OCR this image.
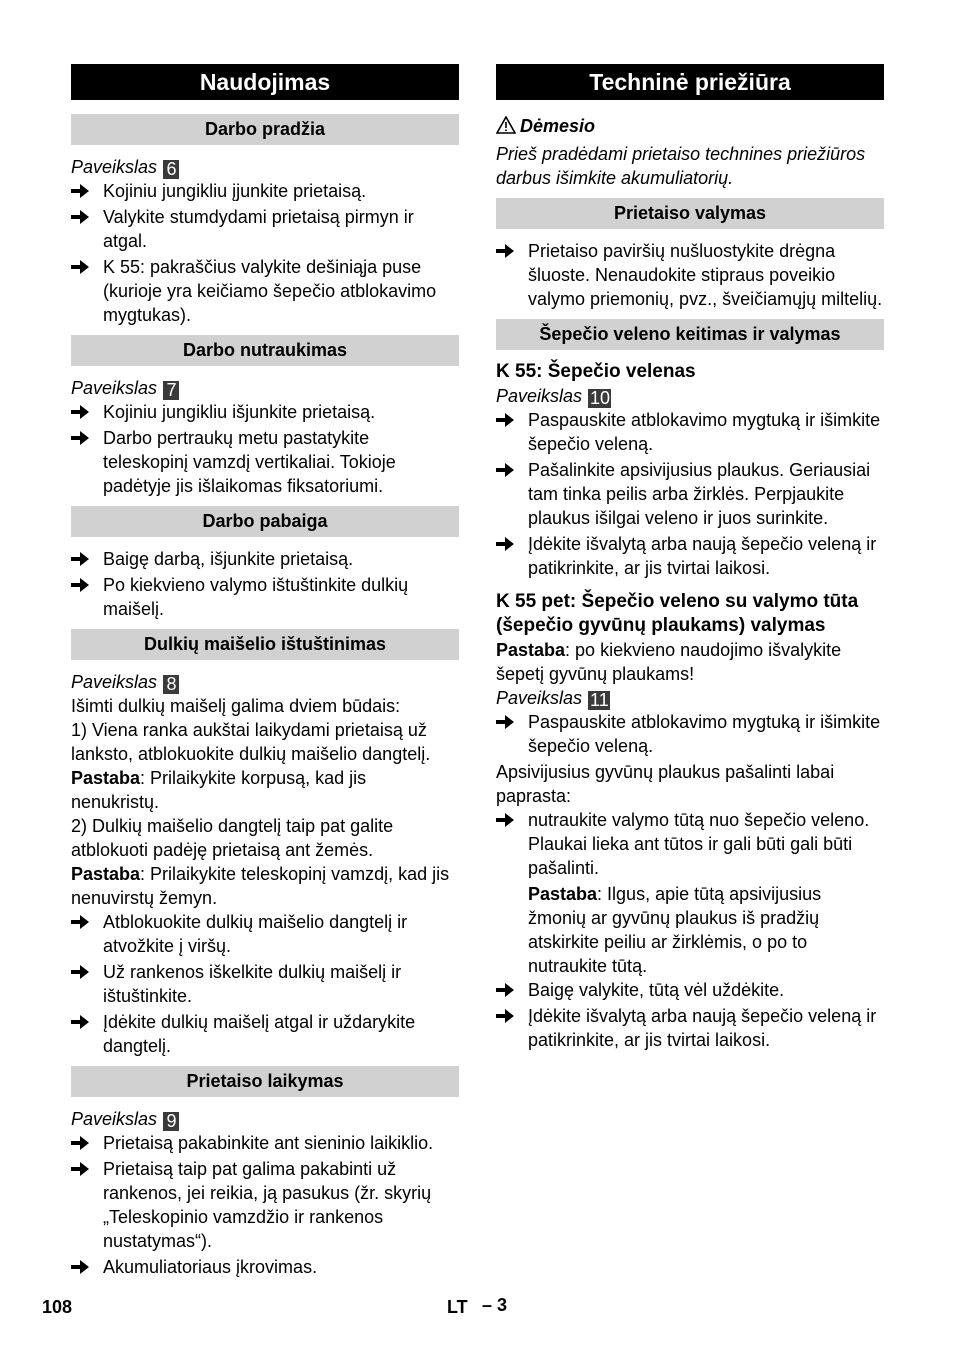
Naudojimas
Darbo pradžia
Paveikslas 6
Kojiniu jungikliu įjunkite prietaisą.
Valykite stumdydami prietaisą pirmyn ir atgal.
K 55: pakraščius valykite dešiniąja puse (kurioje yra keičiamo šepečio atblokavimo mygtukas).
Darbo nutraukimas
Paveikslas 7
Kojiniu jungikliu išjunkite prietaisą.
Darbo pertraukų metu pastatykite teleskopinį vamzdį vertikaliai. Tokioje padėtyje jis išlaikomas fiksatoriumi.
Darbo pabaiga
Baigę darbą, išjunkite prietaisą.
Po kiekvieno valymo ištuštinkite dulkių maišelį.
Dulkių maišelio ištuštinimas
Paveikslas 8
Išimti dulkių maišelį galima dviem būdais:
1) Viena ranka aukštai laikydami prietaisą už lanksto, atblokuokite dulkių maišelio dangtelį.
Pastaba: Prilaikykite korpusą, kad jis nenukristų.
2) Dulkių maišelio dangtelį taip pat galite atblokuoti padėję prietaisą ant žemės.
Pastaba: Prilaikykite teleskopinį vamzdį, kad jis nenuvirstų žemyn.
Atblokuokite dulkių maišelio dangtelį ir atvožkite į viršų.
Už rankenos iškelkite dulkių maišelį ir ištuštinkite.
Įdėkite dulkių maišelį atgal ir uždarykite dangtelį.
Prietaiso laikymas
Paveikslas 9
Prietaisą pakabinkite ant sieninio laikiklio.
Prietaisą taip pat galima pakabinti už rankenos, jei reikia, ją pasukus (žr. skyrių „Teleskopinio vamzdžio ir rankenos nustatymas“).
Akumuliatoriaus įkrovimas.
Techninė priežiūra
Dėmesio
Prieš pradėdami prietaiso technines priežiūros darbus išimkite akumuliatorių.
Prietaiso valymas
Prietaiso paviršių nušluostykite drėgna šluoste. Nenaudokite stipraus poveikio valymo priemonių, pvz., šveičiamųjų miltelių.
Šepečio veleno keitimas ir valymas
K 55: Šepečio velenas
Paveikslas 10
Paspauskite atblokavimo mygtuką ir išimkite šepečio veleną.
Pašalinkite apsivijusius plaukus. Geriausiai tam tinka peilis arba žirklės. Perpjaukite plaukus išilgai veleno ir juos surinkite.
Įdėkite išvalytą arba naują šepečio veleną ir patikrinkite, ar jis tvirtai laikosi.
K 55 pet: Šepečio veleno su valymo tūta (šepečio gyvūnų plaukams) valymas
Pastaba: po kiekvieno naudojimo išvalykite šepetį gyvūnų plaukams!
Paveikslas 11
Paspauskite atblokavimo mygtuką ir išimkite šepečio veleną.
Apsivijusius gyvūnų plaukus pašalinti labai paprasta:
nutraukite valymo tūtą nuo šepečio veleno. Plaukai lieka ant tūtos ir gali būti gali būti pašalinti.
Pastaba: Ilgus, apie tūtą apsivijusius žmonių ar gyvūnų plaukus iš pradžių atskirkite peiliu ar žirklėmis, o po to nutraukite tūtą.
Baigę valykite, tūtą vėl uždėkite.
Įdėkite išvalytą arba naują šepečio veleną ir patikrinkite, ar jis tvirtai laikosi.
108	LT – 3
